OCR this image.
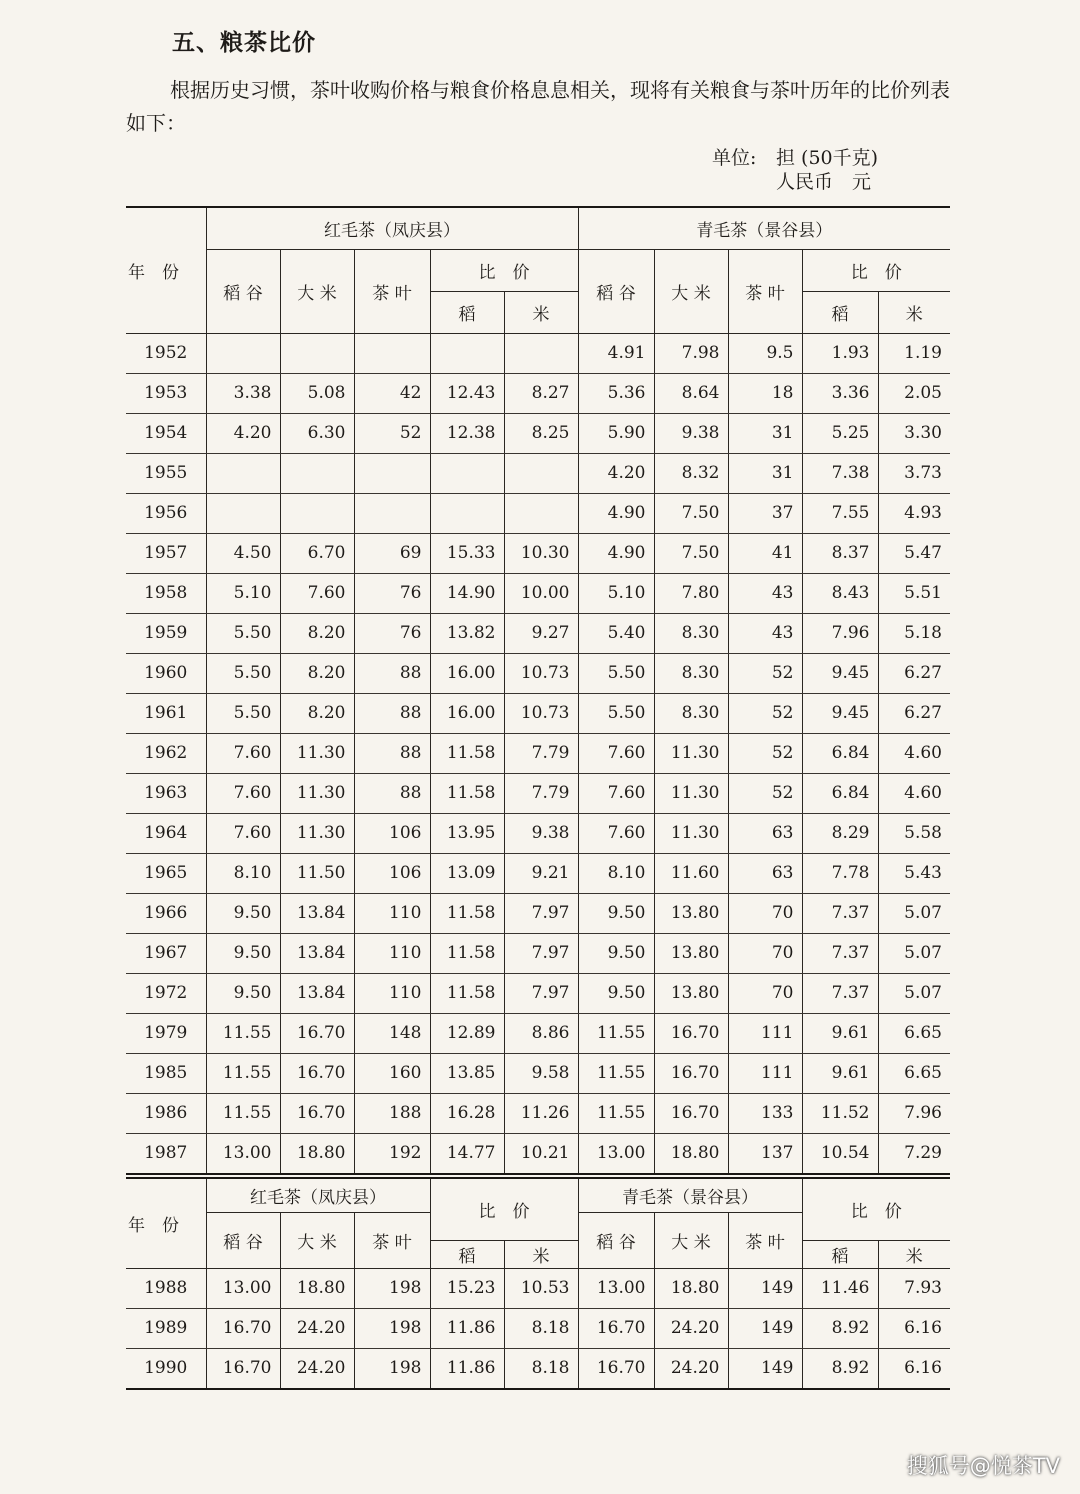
五、粮茶比价
根据历史习惯，茶叶收购价格与粮食价格息息相关，现将有关粮食与茶叶历年的比价列表如下：
单位: 担 (50千克)
人民币　元
年　份	红毛茶（凤庆县）					青毛茶（景谷县）				
	稻 谷	大 米	茶 叶	比　价		稻 谷	大 米	茶 叶	比　价	
				稻	米				稻	米
1952						4.91	7.98	9.5	1.93	1.19
1953	3.38	5.08	42	12.43	8.27	5.36	8.64	18	3.36	2.05
1954	4.20	6.30	52	12.38	8.25	5.90	9.38	31	5.25	3.30
1955						4.20	8.32	31	7.38	3.73
1956						4.90	7.50	37	7.55	4.93
1957	4.50	6.70	69	15.33	10.30	4.90	7.50	41	8.37	5.47
1958	5.10	7.60	76	14.90	10.00	5.10	7.80	43	8.43	5.51
1959	5.50	8.20	76	13.82	9.27	5.40	8.30	43	7.96	5.18
1960	5.50	8.20	88	16.00	10.73	5.50	8.30	52	9.45	6.27
1961	5.50	8.20	88	16.00	10.73	5.50	8.30	52	9.45	6.27
1962	7.60	11.30	88	11.58	7.79	7.60	11.30	52	6.84	4.60
1963	7.60	11.30	88	11.58	7.79	7.60	11.30	52	6.84	4.60
1964	7.60	11.30	106	13.95	9.38	7.60	11.30	63	8.29	5.58
1965	8.10	11.50	106	13.09	9.21	8.10	11.60	63	7.78	5.43
1966	9.50	13.84	110	11.58	7.97	9.50	13.80	70	7.37	5.07
1967	9.50	13.84	110	11.58	7.97	9.50	13.80	70	7.37	5.07
1972	9.50	13.84	110	11.58	7.97	9.50	13.80	70	7.37	5.07
1979	11.55	16.70	148	12.89	8.86	11.55	16.70	111	9.61	6.65
1985	11.55	16.70	160	13.85	9.58	11.55	16.70	111	9.61	6.65
1986	11.55	16.70	188	16.28	11.26	11.55	16.70	133	11.52	7.96
1987	13.00	18.80	192	14.77	10.21	13.00	18.80	137	10.54	7.29
年　份	红毛茶（凤庆县）			比　价		青毛茶（景谷县）			比　价	
	稻 谷	大 米	茶 叶			稻 谷	大 米	茶 叶		
				稻	米				稻	米
1988	13.00	18.80	198	15.23	10.53	13.00	18.80	149	11.46	7.93
1989	16.70	24.20	198	11.86	8.18	16.70	24.20	149	8.92	6.16
1990	16.70	24.20	198	11.86	8.18	16.70	24.20	149	8.92	6.16
搜狐号@悦茶TV
